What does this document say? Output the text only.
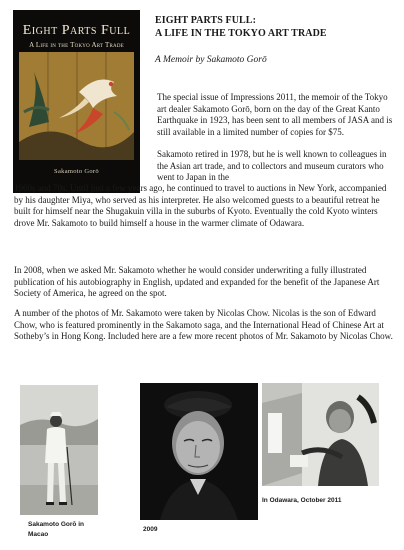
Eight Parts Full
A Life in the Tokyo Art Trade
Sakamoto Gorō
EIGHT PARTS FULL:
A LIFE IN THE TOKYO ART TRADE
A Memoir by Sakamoto Gorō

The special issue of Impressions 2011, the memoir of the Tokyo art dealer Sakamoto Gorō, born on the day of the Great Kanto Earthquake in 1923, has been sent to all members of JASA and is still available in a limited number of copies for $75.

Sakamoto retired in 1978, but he is well known to colleagues in the Asian art trade, and to collectors and museum curators who went to Japan in the

1960s and 70s. Until just a few years ago, he continued to travel to auctions in New York, accompanied by his daughter Miya, who served as his interpreter. He also welcomed guests to a beautiful retreat he built for himself near the Shugakuin villa in the suburbs of Kyoto. Eventually the cold Kyoto winters drove Mr. Sakamoto to build himself a house in the warmer climate of Odawara.

In 2008, when we asked Mr. Sakamoto whether he would consider underwriting a fully illustrated publication of his autobiography in English, updated and expanded for the benefit of the Japanese Art Society of America, he agreed on the spot.

A number of the photos of Mr. Sakamoto were taken by Nicolas Chow. Nicolas is the son of Edward Chow, who is featured prominently in the Sakamoto saga, and the International Head of Chinese Art at Sotheby’s in Hong Kong. Included here are a few more recent photos of Mr. Sakamoto by Nicolas Chow.

Sakamoto Gorō in
Macao
2009
In Odawara, October 2011
